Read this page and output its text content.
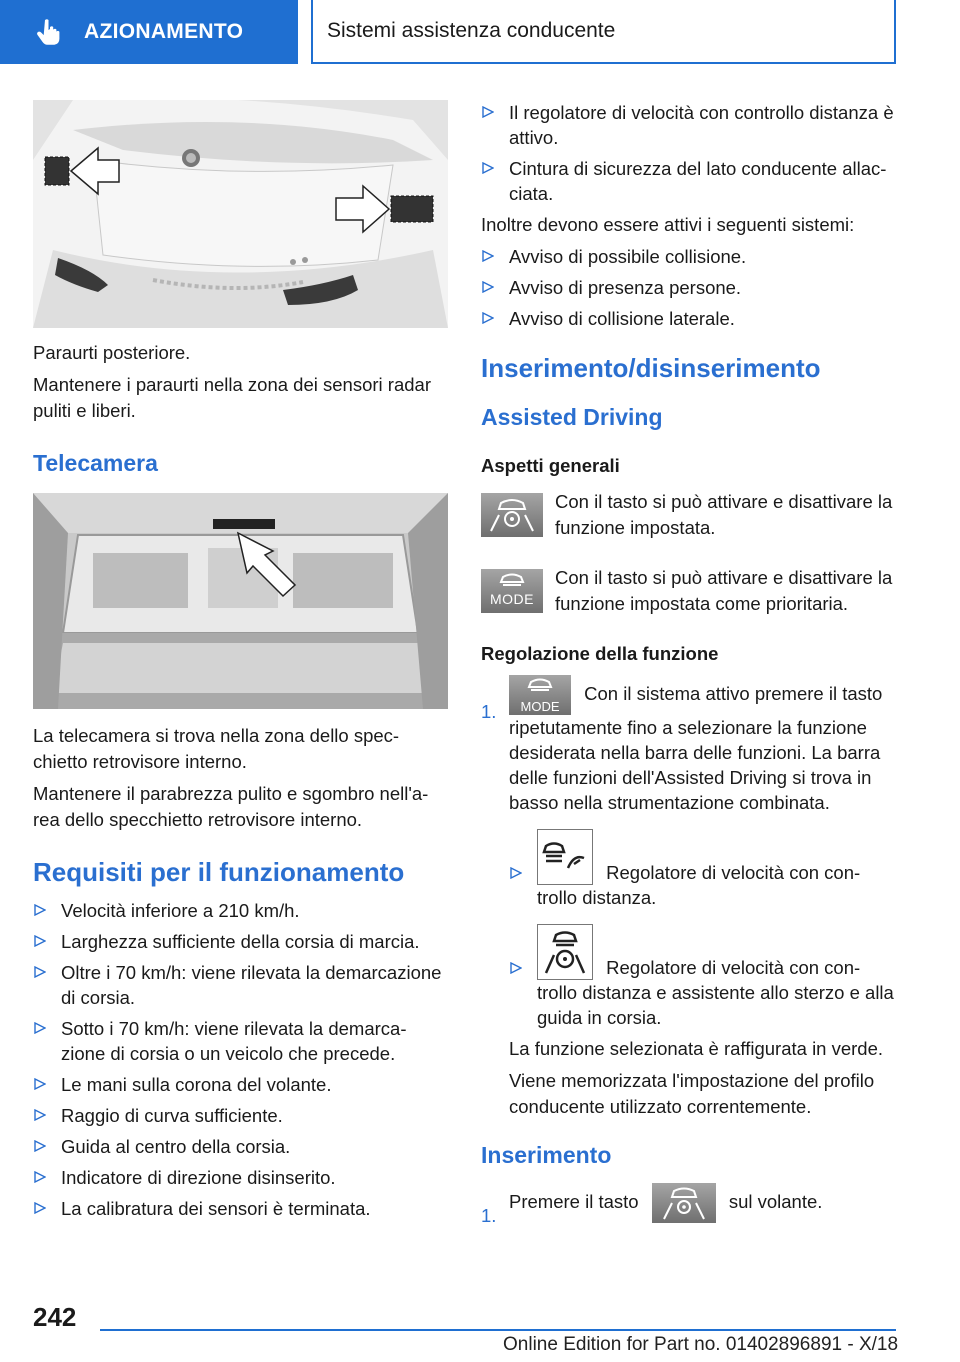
AZIONAMENTO	Sistemi assistenza conducente

Paraurti posteriore.

Mantenere i paraurti nella zona dei sensori radar puliti e liberi.

Telecamera

La telecamera si trova nella zona dello spec-chietto retrovisore interno.

Mantenere il parabrezza pulito e sgombro nell'a-rea dello specchietto retrovisore interno.

Requisiti per il funzionamento
Velocità inferiore a 210 km/h.
Larghezza sufficiente della corsia di marcia.
Oltre i 70 km/h: viene rilevata la demarcazione di corsia.
Sotto i 70 km/h: viene rilevata la demarca-zione di corsia o un veicolo che precede.
Le mani sulla corona del volante.
Raggio di curva sufficiente.
Guida al centro della corsia.
Indicatore di direzione disinserito.
La calibratura dei sensori è terminata.
Il regolatore di velocità con controllo distanza è attivo.
Cintura di sicurezza del lato conducente allac-ciata.

Inoltre devono essere attivi i seguenti sistemi:

Avviso di possibile collisione.
Avviso di presenza persone.
Avviso di collisione laterale.
Inserimento/disinserimento
Assisted Driving
Aspetti generali

Con il tasto si può attivare e disattivare la funzione impostata.

MODE

Con il tasto si può attivare e disattivare la funzione impostata come prioritaria.

Regolazione della funzione
1.	MODE
Con il sistema attivo premere il tasto ripetutamente fino a selezionare la funzione desiderata nella barra delle funzioni. La barra delle funzioni dell'Assisted Driving si trova in basso nella strumentazione combinata.
Regolatore di velocità con con-
trollo distanza.
Regolatore di velocità con con-
trollo distanza e assistente allo sterzo e alla guida in corsia.

La funzione selezionata è raffigurata in verde.

Viene memorizzata l'impostazione del profilo conducente utilizzato correntemente.

Inserimento
1.
Premere il tasto	sul volante.
242
Online Edition for Part no. 01402896891 - X/18
